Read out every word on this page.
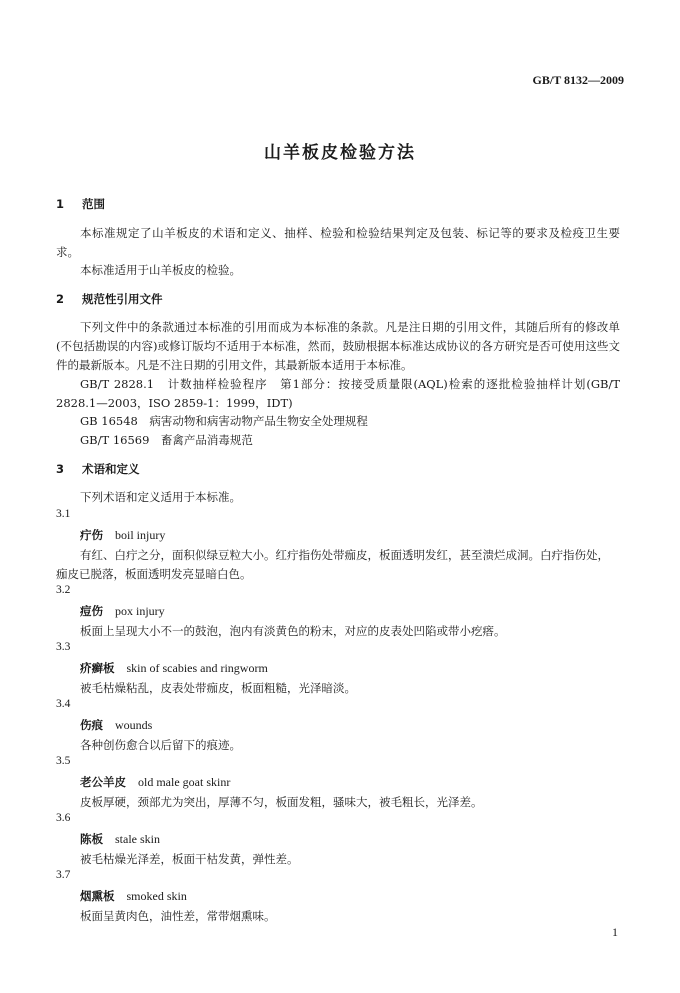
GB/T 8132—2009
山羊板皮检验方法
1 范围
本标准规定了山羊板皮的术语和定义、抽样、检验和检验结果判定及包装、标记等的要求及检疫卫生要求。
本标准适用于山羊板皮的检验。
2 规范性引用文件
下列文件中的条款通过本标准的引用而成为本标准的条款。凡是注日期的引用文件，其随后所有的修改单(不包括勘误的内容)或修订版均不适用于本标准，然而，鼓励根据本标准达成协议的各方研究是否可使用这些文件的最新版本。凡是不注日期的引用文件，其最新版本适用于本标准。
GB/T 2828.1　计数抽样检验程序　第1部分：按接受质量限(AQL)检索的逐批检验抽样计划(GB/T 2828.1—2003，ISO 2859-1：1999，IDT)
GB 16548　病害动物和病害动物产品生物安全处理规程
GB/T 16569　畜禽产品消毒规范
3 术语和定义
下列术语和定义适用于本标准。
3.1
疔伤 boil injury
有红、白疔之分，面积似绿豆粒大小。红疔指伤处带痂皮，板面透明发红，甚至溃烂成洞。白疔指伤处，痂皮已脱落，板面透明发亮显暗白色。
3.2
痘伤 pox injury
板面上呈现大小不一的鼓泡，泡内有淡黄色的粉末，对应的皮表处凹陷或带小疙瘩。
3.3
疥癣板 skin of scabies and ringworm
被毛枯燥粘乱，皮表处带痂皮，板面粗糙，光泽暗淡。
3.4
伤痕 wounds
各种创伤愈合以后留下的痕迹。
3.5
老公羊皮 old male goat skinr
皮板厚硬，颈部尤为突出，厚薄不匀，板面发粗，骚味大，被毛粗长，光泽差。
3.6
陈板 stale skin
被毛枯燥光泽差，板面干枯发黄，弹性差。
3.7
烟熏板 smoked skin
板面呈黄肉色，油性差，常带烟熏味。
1
